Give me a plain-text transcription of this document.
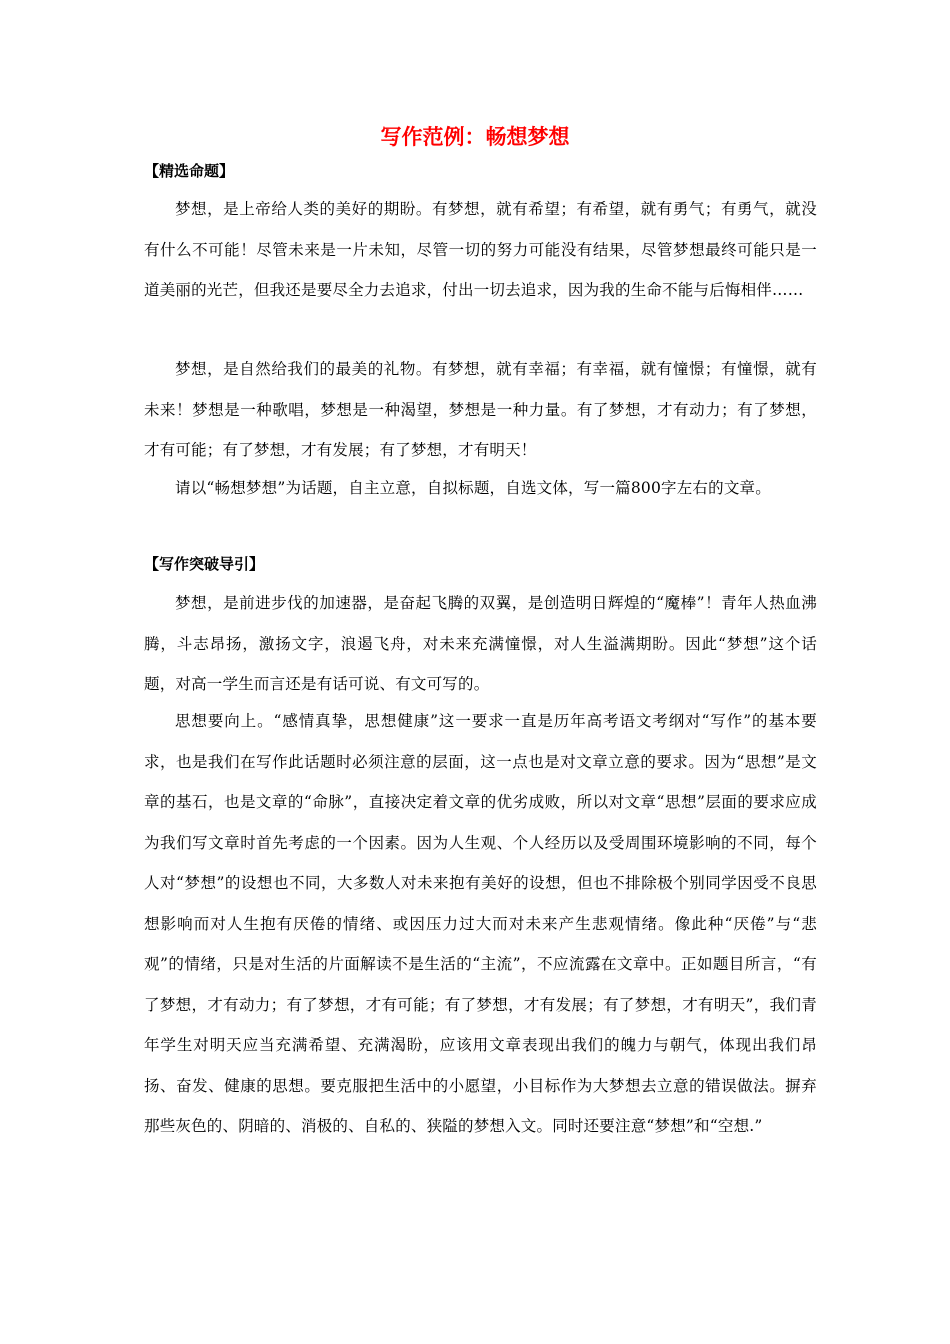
写作范例：畅想梦想
【精选命题】
梦想，是上帝给人类的美好的期盼。有梦想，就有希望；有希望，就有勇气；有勇气，就没有什么不可能！尽管未来是一片未知，尽管一切的努力可能没有结果，尽管梦想最终可能只是一道美丽的光芒，但我还是要尽全力去追求，付出一切去追求，因为我的生命不能与后悔相伴……
梦想，是自然给我们的最美的礼物。有梦想，就有幸福；有幸福，就有憧憬；有憧憬，就有未来！梦想是一种歌唱，梦想是一种渴望，梦想是一种力量。有了梦想，才有动力；有了梦想，才有可能；有了梦想，才有发展；有了梦想，才有明天！
请以“畅想梦想”为话题，自主立意，自拟标题，自选文体，写一篇800字左右的文章。
【写作突破导引】
梦想，是前进步伐的加速器，是奋起飞腾的双翼，是创造明日辉煌的“魔棒”！青年人热血沸腾，斗志昂扬，激扬文字，浪遏飞舟，对未来充满憧憬，对人生溢满期盼。因此“梦想”这个话题，对高一学生而言还是有话可说、有文可写的。
思想要向上。“感情真挚，思想健康”这一要求一直是历年高考语文考纲对“写作”的基本要求，也是我们在写作此话题时必须注意的层面，这一点也是对文章立意的要求。因为“思想”是文章的基石，也是文章的“命脉”，直接决定着文章的优劣成败，所以对文章“思想”层面的要求应成为我们写文章时首先考虑的一个因素。因为人生观、个人经历以及受周围环境影响的不同，每个人对“梦想”的设想也不同，大多数人对未来抱有美好的设想，但也不排除极个别同学因受不良思想影响而对人生抱有厌倦的情绪、或因压力过大而对未来产生悲观情绪。像此种“厌倦”与“悲观”的情绪，只是对生活的片面解读不是生活的“主流”，不应流露在文章中。正如题目所言，“有了梦想，才有动力；有了梦想，才有可能；有了梦想，才有发展；有了梦想，才有明天”，我们青年学生对明天应当充满希望、充满渴盼，应该用文章表现出我们的魄力与朝气，体现出我们昂扬、奋发、健康的思想。要克服把生活中的小愿望，小目标作为大梦想去立意的错误做法。摒弃那些灰色的、阴暗的、消极的、自私的、狭隘的梦想入文。同时还要注意“梦想”和“空想.”
